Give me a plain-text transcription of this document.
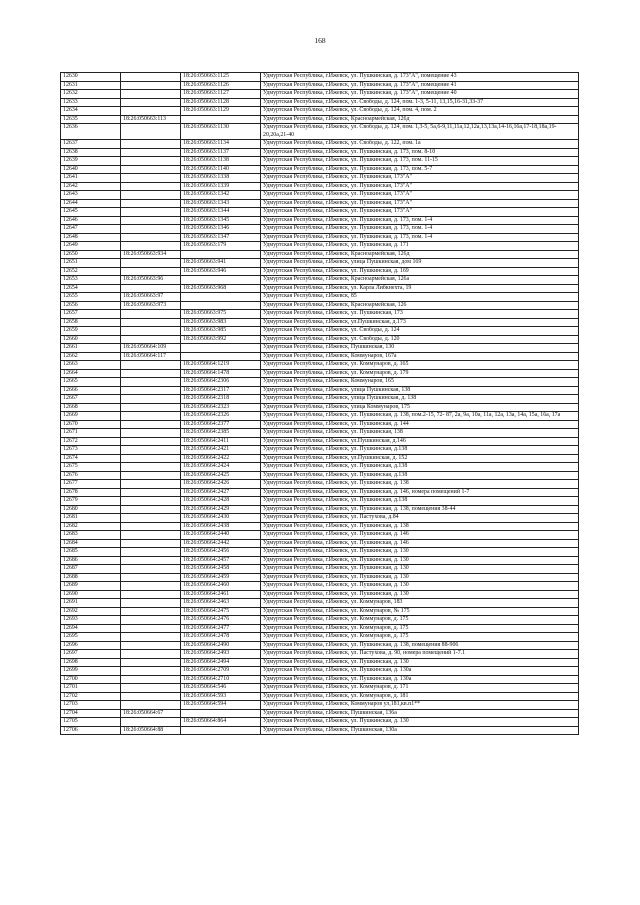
168
12630		18:26:050663:1125	Удмуртская Республика, г.Ижевск, ул. Пушкинская, д. 173"А", помещение 43
12631		18:26:050663:1126	Удмуртская Республика, г.Ижевск, ул. Пушкинская, д. 173"А", помещение 41
12632		18:26:050663:1127	Удмуртская Республика, г.Ижевск, ул. Пушкинская, д. 173"А", помещение 40
12633		18:26:050663:1128	Удмуртская Республика, г.Ижевск, ул. Свободы, д. 124, пом. 1-3, 5-11, 13,15,16-31,33-37
12634		18:26:050663:1129	Удмуртская Республика, г.Ижевск, ул. Свободы, д. 124, пом. 4, пом. 2
12635	18:26:050663:113		Удмуртская Республика, г.Ижевск, Красноармейская, 126д
12636		18:26:050663:1130	Удмуртская Республика, г.Ижевск, ул. Свободы, д. 124, пом. 1,3-5, 5а,6-9,11,11а,12,12а,13,13а,14-16,16а,17-18,18а,19-20,20а,21-40
12637		18:26:050663:1134	Удмуртская Республика, г.Ижевск, ул. Свободы, д. 122, пом. 1а
12638		18:26:050663:1137	Удмуртская Республика, г.Ижевск, ул. Пушкинская, д. 173, пом. 8-10
12639		18:26:050663:1138	Удмуртская Республика, г.Ижевск, ул. Пушкинская, д. 173, пом. 11-15
12640		18:26:050663:1140	Удмуртская Республика, г.Ижевск, ул. Пушкинская, д. 173, пом. 5-7
12641		18:26:050663:1338	Удмуртская Республика, г.Ижевск, ул. Пушкинская, 173"А"
12642		18:26:050663:1339	Удмуртская Республика, г.Ижевск, ул. Пушкинская, 173"А"
12643		18:26:050663:1342	Удмуртская Республика, г.Ижевск, ул. Пушкинская, 173"А"
12644		18:26:050663:1343	Удмуртская Республика, г.Ижевск, ул. Пушкинская, 173"А"
12645		18:26:050663:1344	Удмуртская Республика, г.Ижевск, ул. Пушкинская, 173"А"
12646		18:26:050663:1345	Удмуртская Республика, г.Ижевск, ул. Пушкинская, д. 173, пом. 1-4
12647		18:26:050663:1346	Удмуртская Республика, г.Ижевск, ул. Пушкинская, д. 173, пом. 1-4
12648		18:26:050663:1347	Удмуртская Республика, г.Ижевск, ул. Пушкинская, д. 173, пом. 1-4
12649		18:26:050663:179	Удмуртская Республика, г.Ижевск, ул. Пушкинская, д. 171
12650	18:26:050663:934		Удмуртская Республика, г.Ижевск, Красноармейская, 126д
12651		18:26:050663:941	Удмуртская Республика, г.Ижевск, улица Пушкинская, дом 169
12652		18:26:050663:946	Удмуртская Республика, г.Ижевск, ул. Пушкинская, д. 169
12653	18:26:050663:96		Удмуртская Республика, г.Ижевск, Красноармейская, 126а
12654		18:26:050663:968	Удмуртская Республика, г.Ижевск, ул. Карла Либкнехта, 19
12655	18:26:050663:97		Удмуртская Республика, г.Ижевск, 85
12656	18:26:050663:973		Удмуртская Республика, г.Ижевск, Красноармейская, 126
12657		18:26:050663:975	Удмуртская Республика, г.Ижевск, ул. Пушкинская, 173
12658		18:26:050663:983	Удмуртская Республика, г.Ижевск, ул.Пушкинская, д.173
12659		18:26:050663:985	Удмуртская Республика, г.Ижевск, ул. Свободы, д. 124
12660		18:26:050663:992	Удмуртская Республика, г.Ижевск, ул. Свободы, д. 120
12661	18:26:050664:109		Удмуртская Республика, г.Ижевск, Пушкинская, 130
12662	18:26:050664:117		Удмуртская Республика, г.Ижевск, Коммунаров, 167а
12663		18:26:050664:1219	Удмуртская Республика, г.Ижевск, ул. Коммунаров, д. 165
12664		18:26:050664:1478	Удмуртская Республика, г.Ижевск, ул. Коммунаров, д. 179
12665		18:26:050664:2306	Удмуртская Республика, г.Ижевск, Коммунаров, 165
12666		18:26:050664:2317	Удмуртская Республика, г.Ижевск, улица Пушкинская, 138
12667		18:26:050664:2318	Удмуртская Республика, г.Ижевск, улица Пушкинская, д. 138
12668		18:26:050664:2323	Удмуртская Республика, г.Ижевск, улица Коммунаров, 175
12669		18:26:050664:2326	Удмуртская Республика, г.Ижевск, ул. Пушкинская, д. 138, пом.2-15, 72- 87, 2а, 9а, 10а, 11а, 12а, 13а, 14а, 15а, 16а, 17а
12670		18:26:050664:2377	Удмуртская Республика, г.Ижевск, ул. Пушкинская, д. 144
12671		18:26:050664:2385	Удмуртская Республика, г.Ижевск, ул. Пушкинская, 138
12672		18:26:050664:2411	Удмуртская Республика, г.Ижевск, ул.Пушкинская, д.146
12673		18:26:050664:2421	Удмуртская Республика, г.Ижевск, ул. Пушкинская, д.138
12674		18:26:050664:2422	Удмуртская Республика, г.Ижевск, ул.Пушкинская, д. 152
12675		18:26:050664:2424	Удмуртская Республика, г.Ижевск, ул. Пушкинская, д.138
12676		18:26:050664:2425	Удмуртская Республика, г.Ижевск, ул. Пушкинская, д.138
12677		18:26:050664:2426	Удмуртская Республика, г.Ижевск, ул. Пушкинская, д. 138
12678		18:26:050664:2427	Удмуртская Республика, г.Ижевск, ул. Пушкинская, д. 146, номера помещений 1-7
12679		18:26:050664:2428	Удмуртская Республика, г.Ижевск, ул. Пушкинская, д.138
12680		18:26:050664:2429	Удмуртская Республика, г.Ижевск, ул. Пушкинская, д. 138, помещения 38-44
12681		18:26:050664:2430	Удмуртская Республика, г.Ижевск, ул. Пастухова, д.84
12682		18:26:050664:2438	Удмуртская Республика, г.Ижевск, ул. Пушкинская, д. 138
12683		18:26:050664:2440	Удмуртская Республика, г.Ижевск, ул. Пушкинская, д. 146
12684		18:26:050664:2442	Удмуртская Республика, г.Ижевск, ул. Пушкинская, д. 146
12685		18:26:050664:2456	Удмуртская Республика, г.Ижевск, ул. Пушкинская, д. 130
12686		18:26:050664:2457	Удмуртская Республика, г.Ижевск, ул. Пушкинская, д. 130
12687		18:26:050664:2458	Удмуртская Республика, г.Ижевск, ул. Пушкинская, д. 130
12688		18:26:050664:2459	Удмуртская Республика, г.Ижевск, ул. Пушкинская, д. 130
12689		18:26:050664:2460	Удмуртская Республика, г.Ижевск, ул. Пушкинская, д. 130
12690		18:26:050664:2461	Удмуртская Республика, г.Ижевск, ул. Пушкинская, д. 130
12691		18:26:050664:2463	Удмуртская Республика, г.Ижевск, ул. Коммунаров, 183
12692		18:26:050664:2475	Удмуртская Республика, г.Ижевск, ул. Коммунаров, № 175
12693		18:26:050664:2476	Удмуртская Республика, г.Ижевск, ул. Коммунаров, д. 175
12694		18:26:050664:2477	Удмуртская Республика, г.Ижевск, ул. Коммунаров, д. 175
12695		18:26:050664:2478	Удмуртская Республика, г.Ижевск, ул. Коммунаров, д. 175
12696		18:26:050664:2490	Удмуртская Республика, г.Ижевск, ул. Пушкинская, д. 138, помещения 88-906
12697		18:26:050664:2493	Удмуртская Республика, г.Ижевск, ул. Пастухова, д. 90, номера помещений 1-7.1
12698		18:26:050664:2494	Удмуртская Республика, г.Ижевск, ул. Пушкинская, д. 130
12699		18:26:050664:2709	Удмуртская Республика, г.Ижевск, ул. Пушкинская, д. 130а
12700		18:26:050664:2710	Удмуртская Республика, г.Ижевск, ул. Пушкинская, д. 130а
12701		18:26:050664:546	Удмуртская Республика, г.Ижевск, ул. Коммунаров, д. 171
12702		18:26:050664:593	Удмуртская Республика, г.Ижевск, ул. Коммунаров, д. 181
12703		18:26:050664:594	Удмуртская Республика, г.Ижевск, Коммунаров ул,181,кв.п1**
12704	18:26:050664:67		Удмуртская Республика, г.Ижевск, Пушкинская, 136а
12705		18:26:050664:864	Удмуртская Республика, г.Ижевск, ул. Пушкинская, д. 130
12706	18:26:050664:88		Удмуртская Республика, г.Ижевск, Пушкинская, 130а
